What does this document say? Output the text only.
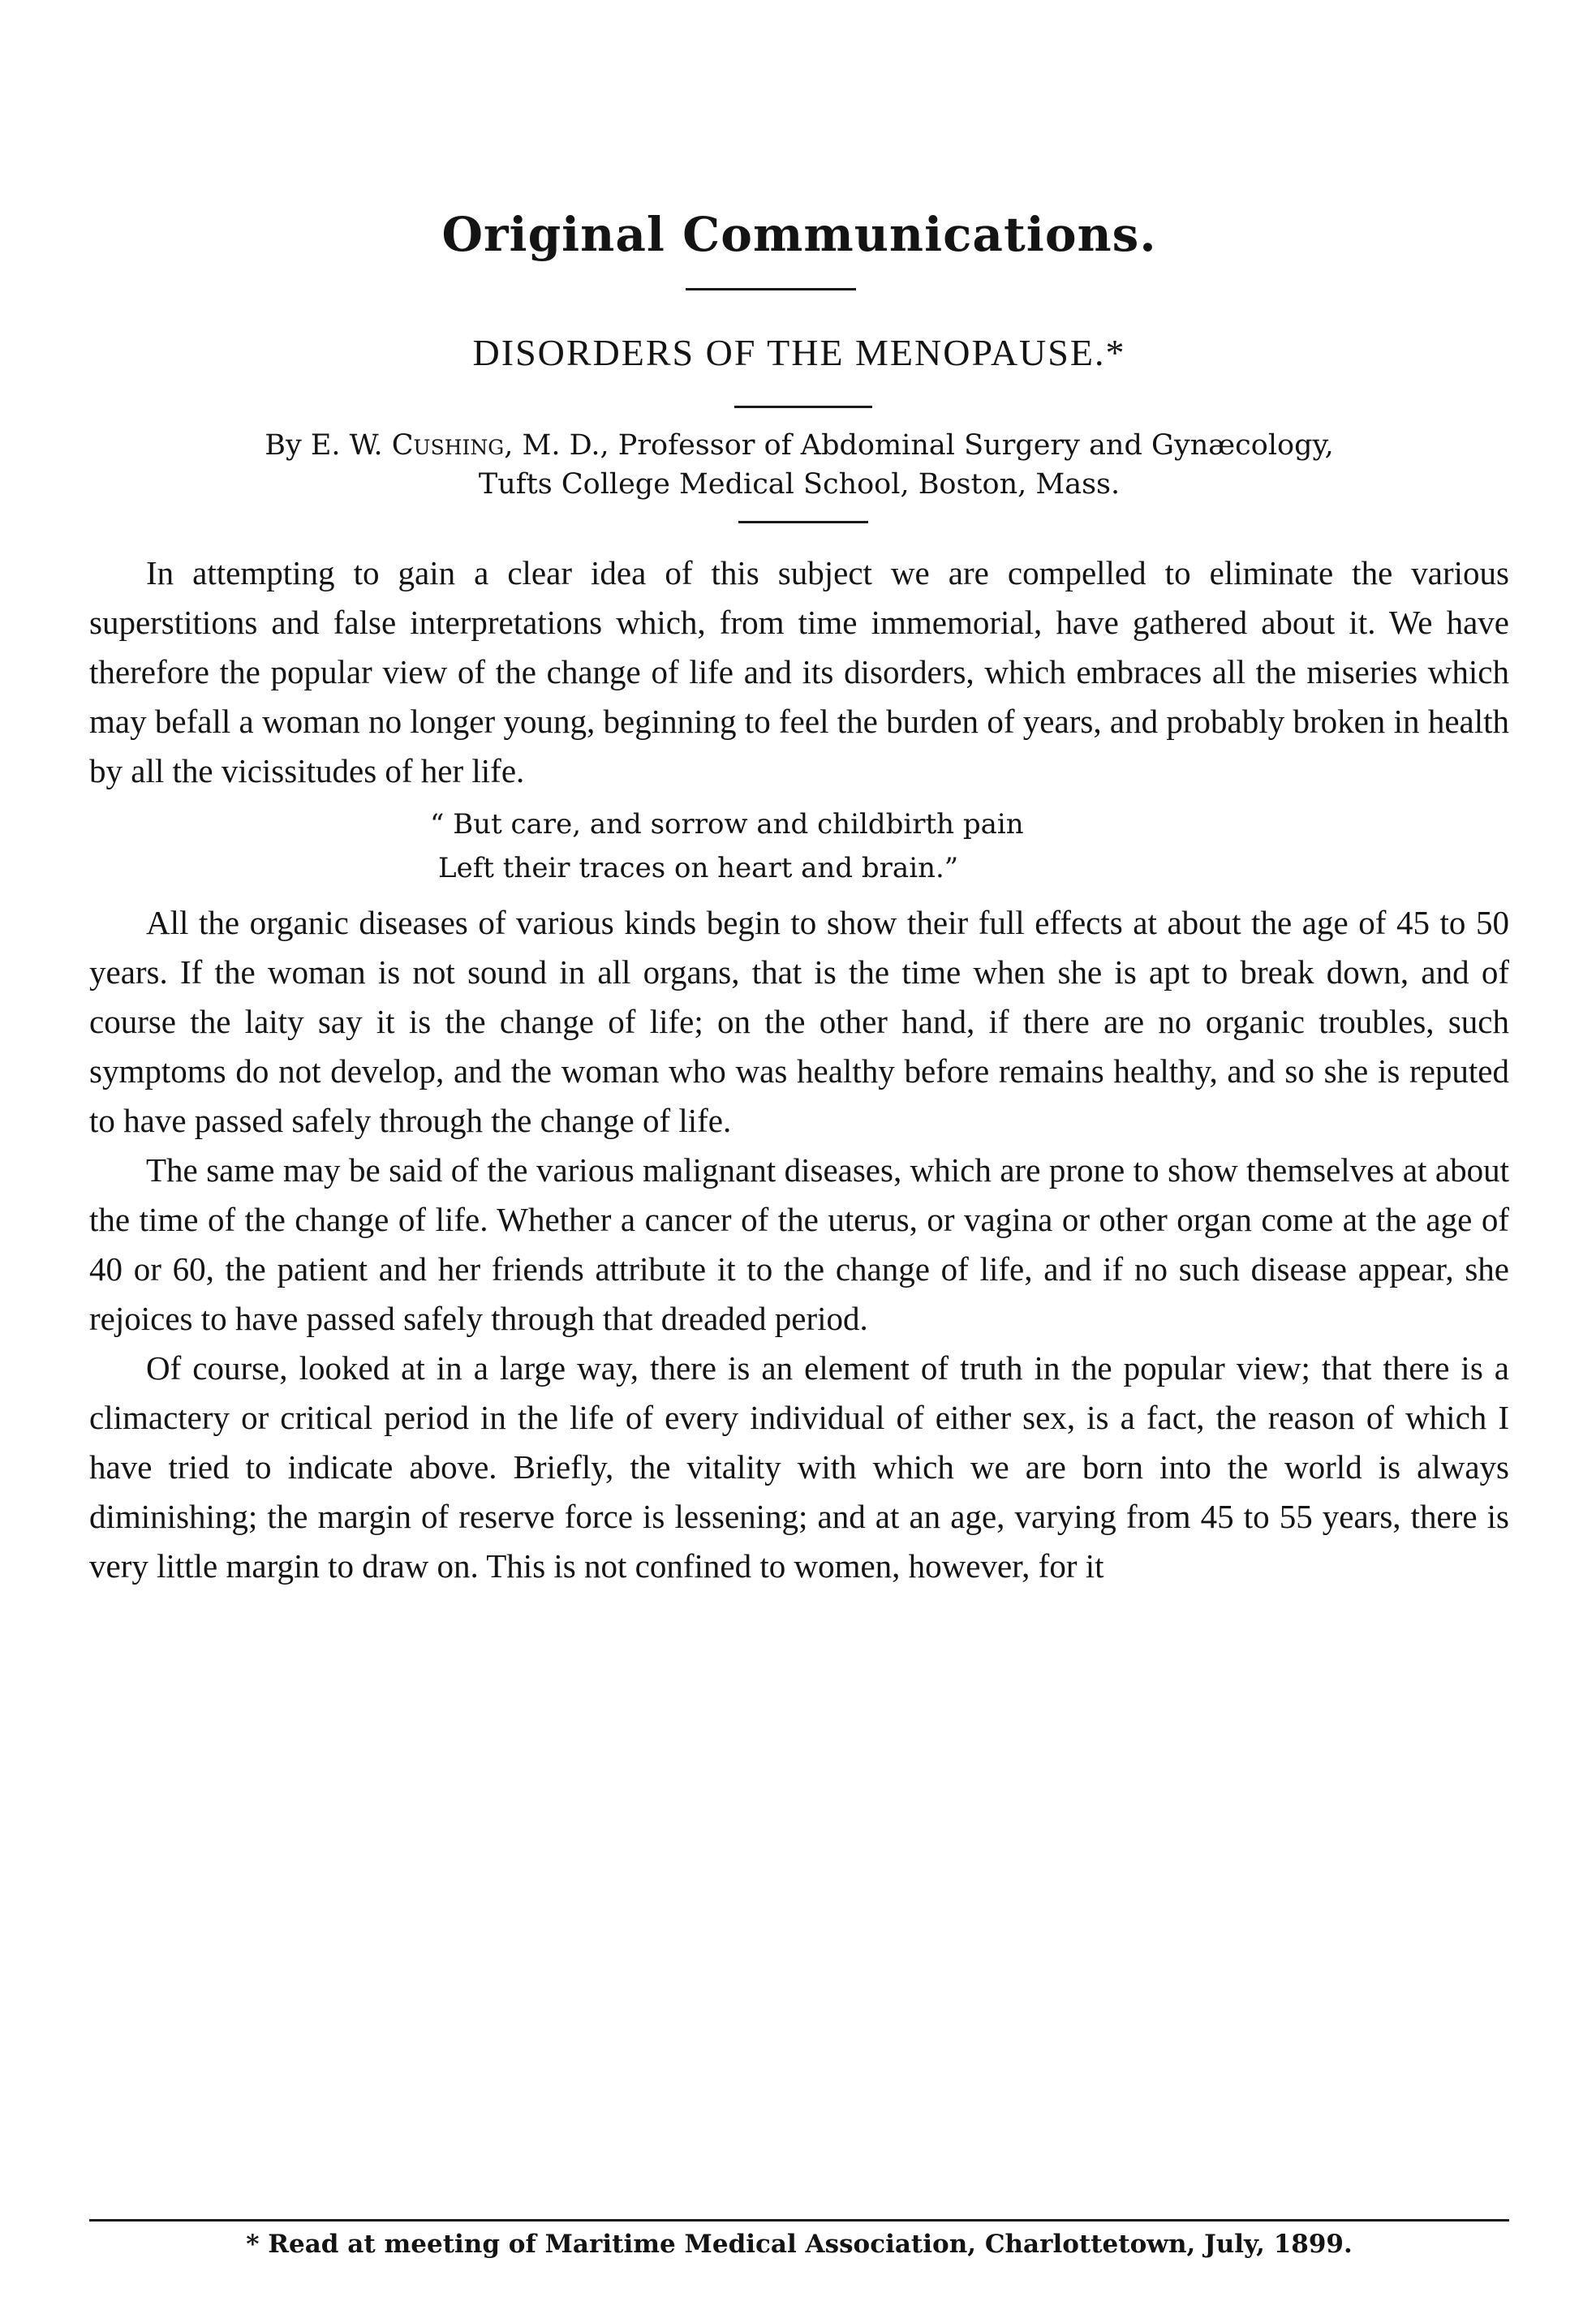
Original Communications.
DISORDERS OF THE MENOPAUSE.*

By E. W. Cushing, M. D., Professor of Abdominal Surgery and Gynæcology,
Tufts College Medical School, Boston, Mass.

In attempting to gain a clear idea of this subject we are compelled to eliminate the various superstitions and false interpretations which, from time immemorial, have gathered about it. We have therefore the popular view of the change of life and its disorders, which embraces all the miseries which may befall a woman no longer young, beginning to feel the burden of years, and probably broken in health by all the vicissitudes of her life.

“ But care, and sorrow and childbirth pain
Left their traces on heart and brain.”

All the organic diseases of various kinds begin to show their full effects at about the age of 45 to 50 years. If the woman is not sound in all organs, that is the time when she is apt to break down, and of course the laity say it is the change of life; on the other hand, if there are no organic troubles, such symptoms do not develop, and the woman who was healthy before remains healthy, and so she is reputed to have passed safely through the change of life.

The same may be said of the various malignant diseases, which are prone to show themselves at about the time of the change of life. Whether a cancer of the uterus, or vagina or other organ come at the age of 40 or 60, the patient and her friends attribute it to the change of life, and if no such disease appear, she rejoices to have passed safely through that dreaded period.

Of course, looked at in a large way, there is an element of truth in the popular view; that there is a climactery or critical period in the life of every individual of either sex, is a fact, the reason of which I have tried to indicate above. Briefly, the vitality with which we are born into the world is always diminishing; the margin of reserve force is lessening; and at an age, varying from 45 to 55 years, there is very little margin to draw on. This is not confined to women, however, for it

* Read at meeting of Maritime Medical Association, Charlottetown, July, 1899.
